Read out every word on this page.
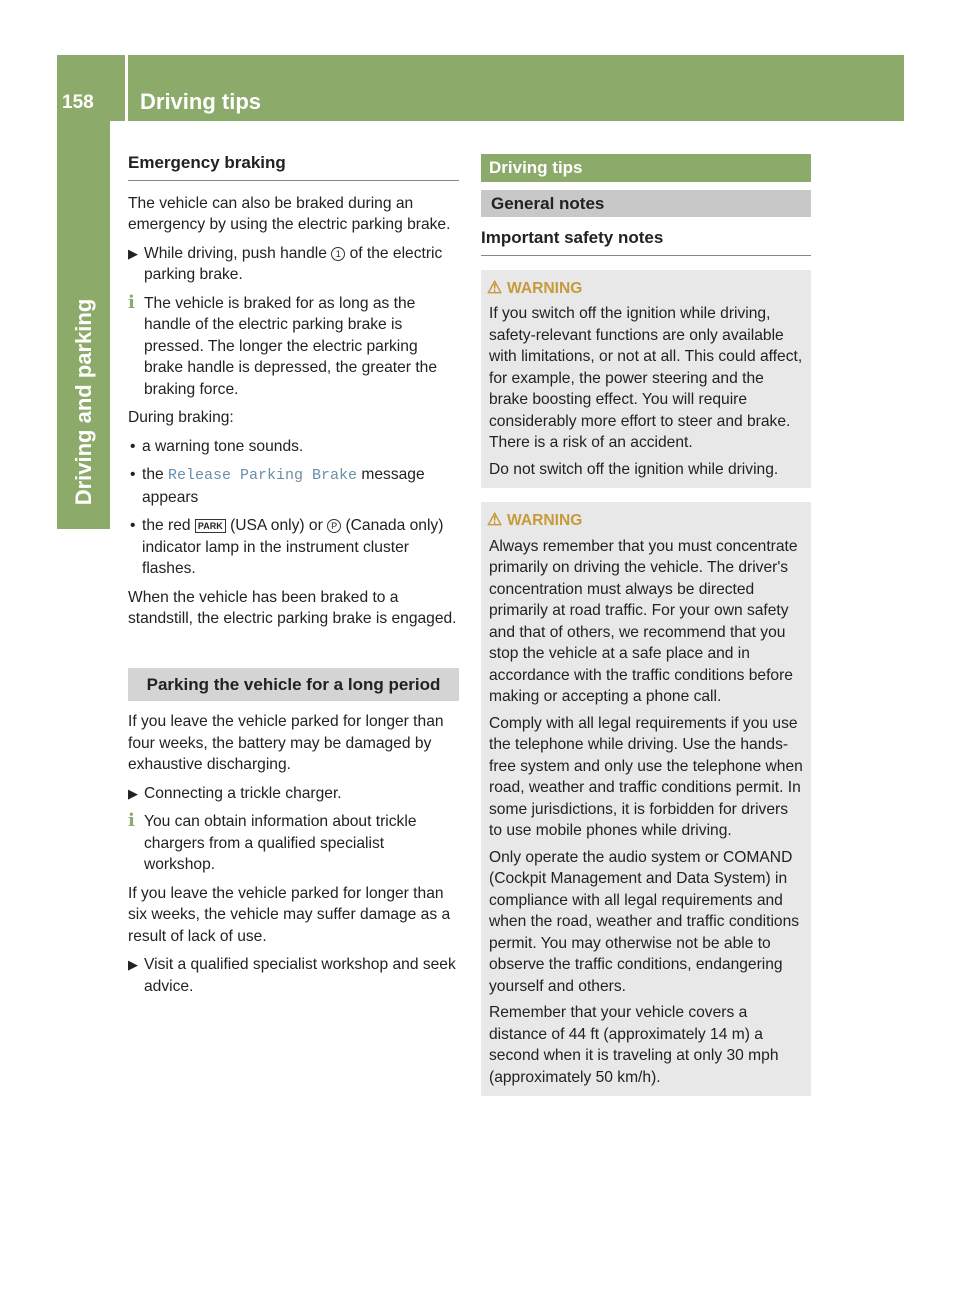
158	Driving tips
Driving and parking
Emergency braking

The vehicle can also be braked during an emergency by using the electric parking brake.

▶ While driving, push handle 1 of the electric parking brake.

i The vehicle is braked for as long as the handle of the electric parking brake is pressed. The longer the electric parking brake handle is depressed, the greater the braking force.

During braking:

• a warning tone sounds.

• the Release Parking Brake message appears

• the red PARK (USA only) or P (Canada only) indicator lamp in the instrument cluster flashes.

When the vehicle has been braked to a standstill, the electric parking brake is engaged.

Parking the vehicle for a long period

If you leave the vehicle parked for longer than four weeks, the battery may be damaged by exhaustive discharging.

▶ Connecting a trickle charger.

i You can obtain information about trickle chargers from a qualified specialist workshop.

If you leave the vehicle parked for longer than six weeks, the vehicle may suffer damage as a result of lack of use.

▶ Visit a qualified specialist workshop and seek advice.

Driving tips
General notes
Important safety notes
⚠ WARNING

If you switch off the ignition while driving, safety-relevant functions are only available with limitations, or not at all. This could affect, for example, the power steering and the brake boosting effect. You will require considerably more effort to steer and brake. There is a risk of an accident.

Do not switch off the ignition while driving.

⚠ WARNING

Always remember that you must concentrate primarily on driving the vehicle. The driver's concentration must always be directed primarily at road traffic. For your own safety and that of others, we recommend that you stop the vehicle at a safe place and in accordance with the traffic conditions before making or accepting a phone call.

Comply with all legal requirements if you use the telephone while driving. Use the hands-free system and only use the telephone when road, weather and traffic conditions permit. In some jurisdictions, it is forbidden for drivers to use mobile phones while driving.

Only operate the audio system or COMAND (Cockpit Management and Data System) in compliance with all legal requirements and when the road, weather and traffic conditions permit. You may otherwise not be able to observe the traffic conditions, endangering yourself and others.

Remember that your vehicle covers a distance of 44 ft (approximately 14 m) a second when it is traveling at only 30 mph (approximately 50 km/h).
